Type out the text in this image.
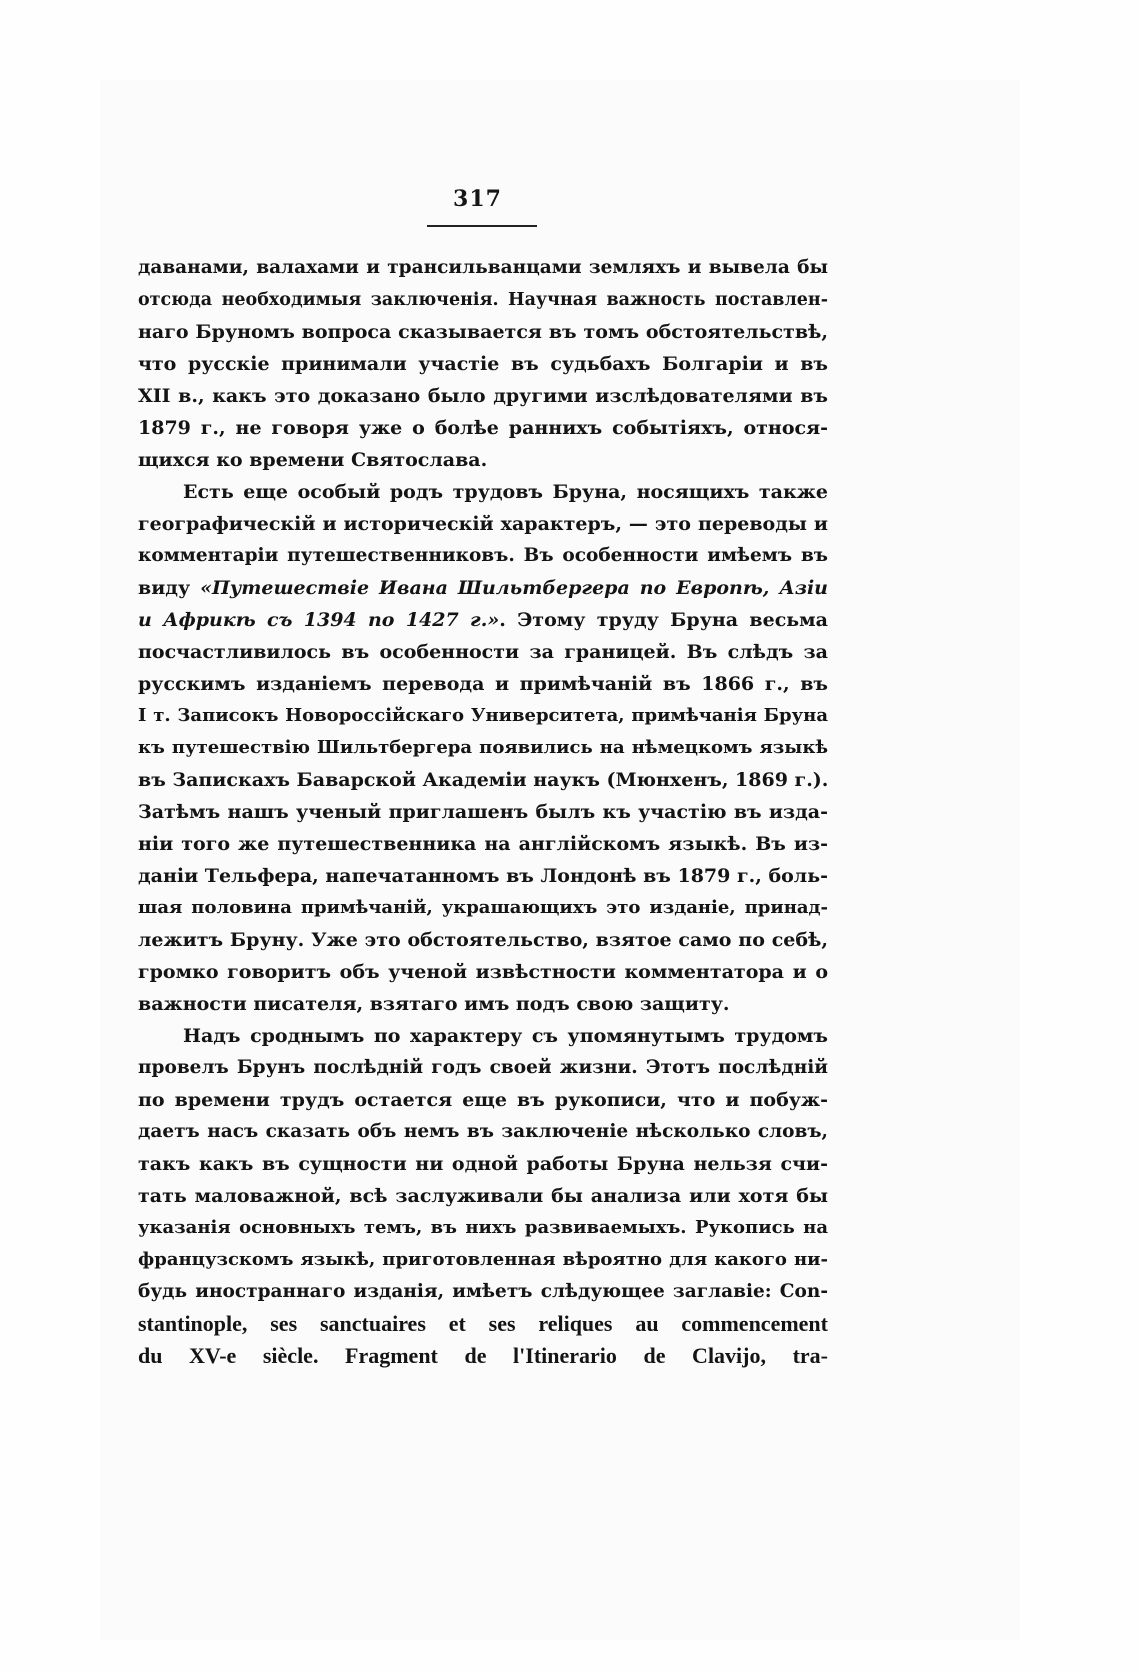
317
даванами, валахами и трансильванцами земляхъ и вывела бы
отсюда необходимыя заключенія. Научная важность поставлен-
наго Бруномъ вопроса сказывается въ томъ обстоятельствѣ,
что русскіе принимали участіе въ судьбахъ Болгаріи и въ
XII в., какъ это доказано было другими изслѣдователями въ
1879 г., не говоря уже о болѣе раннихъ событіяхъ, относя-
щихся ко времени Святослава.
Есть еще особый родъ трудовъ Бруна, носящихъ также
географическій и историческій характеръ, — это переводы и
комментаріи путешественниковъ. Въ особенности имѣемъ въ
виду «Путешествіе Ивана Шильтбергера по Европѣ, Азіи
и Африкѣ съ 1394 по 1427 г.». Этому труду Бруна весьма
посчастливилось въ особенности за границей. Въ слѣдъ за
русскимъ изданіемъ перевода и примѣчаній въ 1866 г., въ
I т. Записокъ Новороссійскаго Университета, примѣчанія Бруна
къ путешествію Шильтбергера появились на нѣмецкомъ языкѣ
въ Запискахъ Баварской Академіи наукъ (Мюнхенъ, 1869 г.).
Затѣмъ нашъ ученый приглашенъ былъ къ участію въ изда-
ніи того же путешественника на англійскомъ языкѣ. Въ из-
даніи Тельфера, напечатанномъ въ Лондонѣ въ 1879 г., боль-
шая половина примѣчаній, украшающихъ это изданіе, принад-
лежитъ Бруну. Уже это обстоятельство, взятое само по себѣ,
громко говоритъ объ ученой извѣстности комментатора и о
важности писателя, взятаго имъ подъ свою защиту.
Надъ сроднымъ по характеру съ упомянутымъ трудомъ
провелъ Брунъ послѣдній годъ своей жизни. Этотъ послѣдній
по времени трудъ остается еще въ рукописи, что и побуж-
даетъ насъ сказать объ немъ въ заключеніе нѣсколько словъ,
такъ какъ въ сущности ни одной работы Бруна нельзя счи-
тать маловажной, всѣ заслуживали бы анализа или хотя бы
указанія основныхъ темъ, въ нихъ развиваемыхъ. Рукопись на
французскомъ языкѣ, приготовленная вѣроятно для какого ни-
будь иностраннаго изданія, имѣетъ слѣдующее заглавіе: Con-
stantinople, ses sanctuaires et ses reliques au commencement
du XV-e siècle. Fragment de l'Itinerario de Clavijo, tra-
